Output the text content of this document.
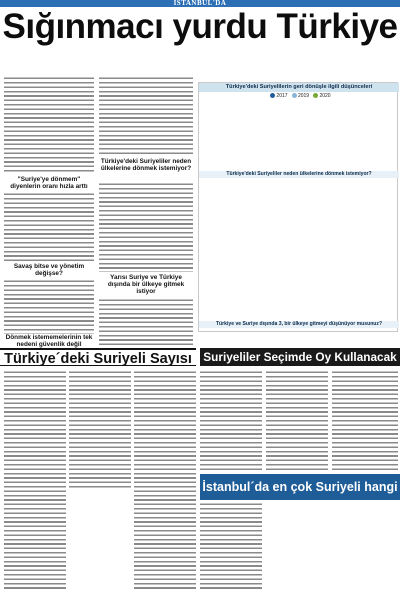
İSTANBUL'DA
Sığınmacı yurdu Türkiye
"Suriye'ye dönmem" diyenlerin oranı hızla arttı
Savaş bitse ve yönetim değişse?
Dönmek istememelerinin tek nedeni güvenlik değil
Türkiye'deki Suriyeliler neden ülkelerine dönmek istemiyor?
Yarısı Suriye ve Türkiye dışında bir ülkeye gitmek istiyor
Türkiye'deki Suriyelilerin geri dönüşle ilgili düşünceleri
2017 2019 2020
Türkiye'deki Suriyeliler neden ülkelerine dönmek istemiyor?
Türkiye ve Suriye dışında 3, bir ülkeye gitmeyi düşünüyor musunuz?
Türkiye´deki Suriyeli Sayısı Suriyeliler Seçimde Oy Kullanacak
İstanbul´da en çok Suriyeli hangi ilçede
